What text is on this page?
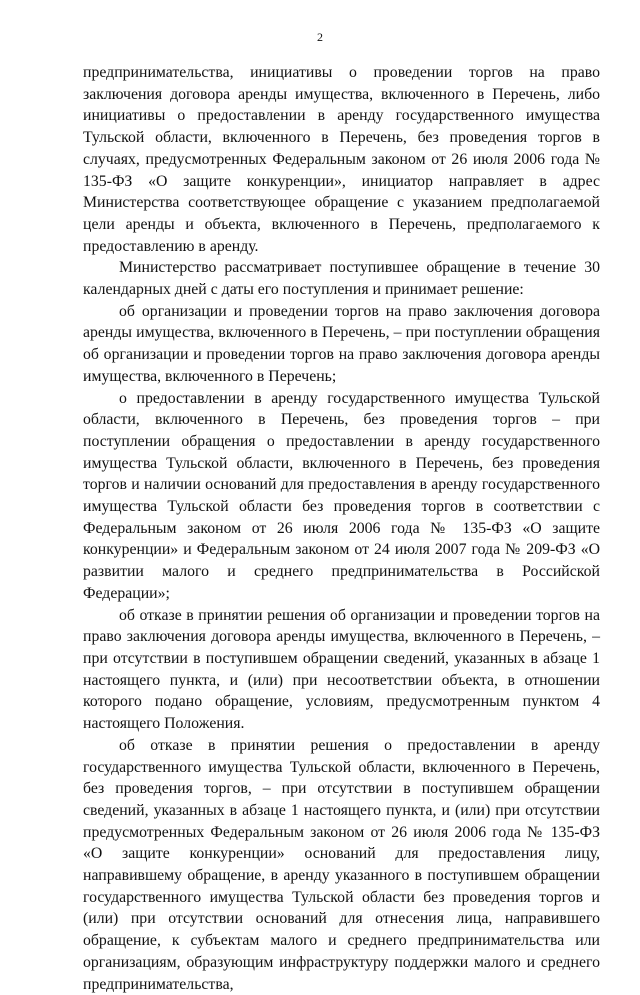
2

предпринимательства, инициативы о проведении торгов на право заключения договора аренды имущества, включенного в Перечень, либо инициативы о предоставлении в аренду государственного имущества Тульской области, включенного в Перечень, без проведения торгов в случаях, предусмотренных Федеральным законом от 26 июля 2006 года № 135-ФЗ «О защите конкуренции», инициатор направляет в адрес Министерства соответствующее обращение с указанием предполагаемой цели аренды и объекта, включенного в Перечень, предполагаемого к предоставлению в аренду.

Министерство рассматривает поступившее обращение в течение 30 календарных дней с даты его поступления и принимает решение:

об организации и проведении торгов на право заключения договора аренды имущества, включенного в Перечень, – при поступлении обращения об организации и проведении торгов на право заключения договора аренды имущества, включенного в Перечень;

о предоставлении в аренду государственного имущества Тульской области, включенного в Перечень, без проведения торгов – при поступлении обращения о предоставлении в аренду государственного имущества Тульской области, включенного в Перечень, без проведения торгов и наличии оснований для предоставления в аренду государственного имущества Тульской области без проведения торгов в соответствии с Федеральным законом от 26 июля 2006 года № 135-ФЗ «О защите конкуренции» и Федеральным законом от 24 июля 2007 года № 209-ФЗ «О развитии малого и среднего предпринимательства в Российской Федерации»;

об отказе в принятии решения об организации и проведении торгов на право заключения договора аренды имущества, включенного в Перечень, – при отсутствии в поступившем обращении сведений, указанных в абзаце 1 настоящего пункта, и (или) при несоответствии объекта, в отношении которого подано обращение, условиям, предусмотренным пунктом 4 настоящего Положения.

об отказе в принятии решения о предоставлении в аренду государственного имущества Тульской области, включенного в Перечень, без проведения торгов, – при отсутствии в поступившем обращении сведений, указанных в абзаце 1 настоящего пункта, и (или) при отсутствии предусмотренных Федеральным законом от 26 июля 2006 года № 135-ФЗ «О защите конкуренции» оснований для предоставления лицу, направившему обращение, в аренду указанного в поступившем обращении государственного имущества Тульской области без проведения торгов и (или) при отсутствии оснований для отнесения лица, направившего обращение, к субъектам малого и среднего предпринимательства или организациям, образующим инфраструктуру поддержки малого и среднего предпринимательства,
